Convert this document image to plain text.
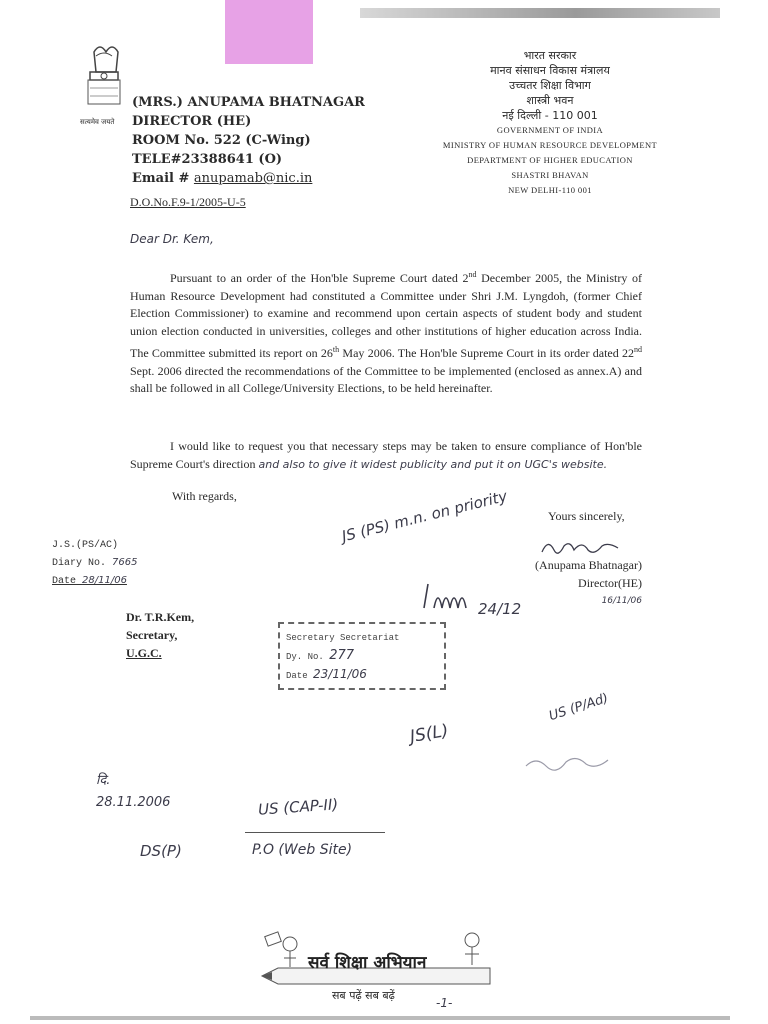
सत्यमेव जयते
(MRS.) ANUPAMA BHATNAGAR
DIRECTOR (HE)
ROOM No. 522 (C-Wing)
TELE#23388641 (O)
Email # anupamab@nic.in
भारत सरकार
मानव संसाधन विकास मंत्रालय
उच्चतर शिक्षा विभाग
शास्त्री भवन
नई दिल्ली - 110 001
GOVERNMENT OF INDIA
MINISTRY OF HUMAN RESOURCE DEVELOPMENT
DEPARTMENT OF HIGHER EDUCATION
SHASTRI BHAVAN
NEW DELHI-110 001
D.O.No.F.9-1/2005-U-5
Dear Dr. Kem,
Pursuant to an order of the Hon'ble Supreme Court dated 2nd December 2005, the Ministry of Human Resource Development had constituted a Committee under Shri J.M. Lyngdoh, (former Chief Election Commissioner) to examine and recommend upon certain aspects of student body and student union election conducted in universities, colleges and other institutions of higher education across India. The Committee submitted its report on 26th May 2006. The Hon'ble Supreme Court in its order dated 22nd Sept. 2006 directed the recommendations of the Committee to be implemented (enclosed as annex.A) and shall be followed in all College/University Elections, to be held hereinafter.
I would like to request you that necessary steps may be taken to ensure compliance of Hon'ble Supreme Court's direction and also to give it widest publicity and put it on UGC's website.
With regards,
Yours sincerely,
(Anupama Bhatnagar)
Director(HE)
16/11/06
J.S.(PS/AC)
Diary No. 7665
Date 28/11/06
Dr. T.R.Kem,
Secretary,
U.G.C.
JS (PS) m.n. on priority
24/12
Secretary Secretariat
Dy. No. 277
Date 23/11/06
JS(L)
US (P/Ad)
दि. 28.11.2006	US (CAP-II)
P.O (Web Site)
DS(P)
सर्व शिक्षा अभियान
सब पढ़ें सब बढ़ें
-1-
